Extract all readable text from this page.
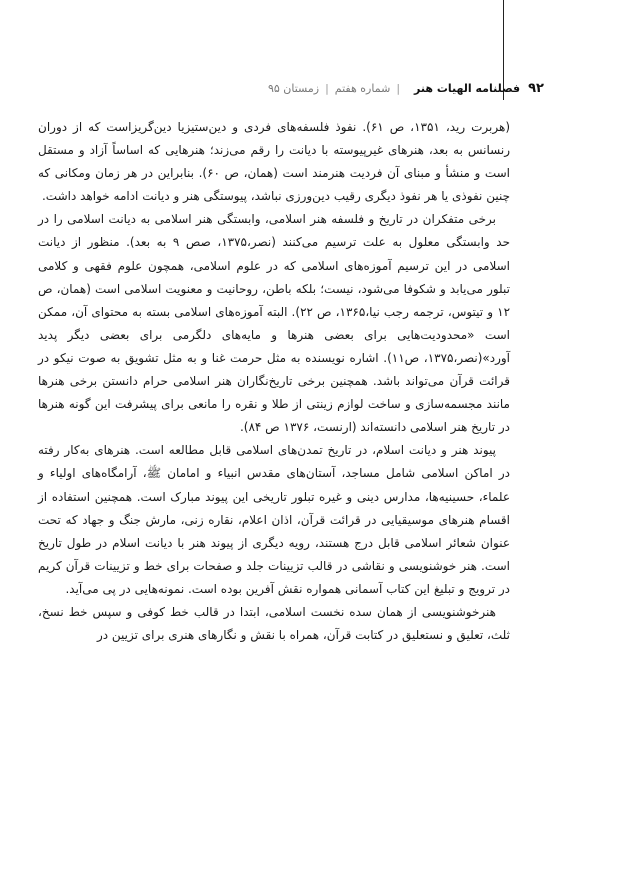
۹۲
فصلنامه الهیات هنر
|
شماره هفتم
|
زمستان ۹۵

(هربرت رید، ۱۳۵۱، ص ۶۱). نفوذ فلسفه‌های فردی و دین‌ستیزیا دین‌گریزاست که از دوران رنسانس به بعد، هنرهای غیرپیوسته با دیانت را رقم می‌زند؛ هنرهایی که اساساً آزاد و مستقل است و منشأ و مبنای آن فردیت هنرمند است (همان، ص ۶۰). بنابراین در هر زمان ومکانی که چنین نفوذی یا هر نفوذ دیگری رقیب دین‌ورزی نباشد، پیوستگی هنر و دیانت ادامه خواهد داشت.

برخی متفکران در تاریخ و فلسفه هنر اسلامی، وابستگی هنر اسلامی به دیانت اسلامی را در حد وابستگی معلول به علت ترسیم می‌کنند (نصر،۱۳۷۵، صص ۹ به بعد). منظور از دیانت اسلامی در این ترسیم آموزه‌های اسلامی که در علوم اسلامی، همچون علوم فقهی و کلامی تبلور می‌یابد و شکوفا می‌شود، نیست؛ بلکه باطن، روحانیت و معنویت اسلامی است (همان، ص ۱۲ و تیتوس، ترجمه رجب نیا،۱۳۶۵، ص ۲۲). البته آموزه‌های اسلامی بسته به محتوای آن، ممکن است «محدودیت‌هایی برای بعضی هنرها و مایه‌های دلگرمی برای بعضی دیگر پدید آورد»(نصر،۱۳۷۵، ص۱۱). اشاره نویسنده به مثل حرمت غنا و به مثل تشویق به صوت نیکو در قرائت قرآن می‌تواند باشد. همچنین برخی تاریخ‌نگاران هنر اسلامی حرام دانستن برخی هنرها مانند مجسمه‌سازی و ساخت لوازم زینتی از طلا و نقره را مانعی برای پیشرفت این گونه هنرها در تاریخ هنر اسلامی دانسته‌اند (ارنست، ۱۳۷۶ ص ۸۴).

پیوند هنر و دیانت اسلام، در تاریخ تمدن‌های اسلامی قابل مطالعه است. هنرهای به‌کار رفته در اماکن اسلامی شامل مساجد، آستان‌های مقدس انبیاء و امامان ﷺ، آرامگاه‌های اولیاء و علماء، حسینیه‌ها، مدارس دینی و غیره تبلور تاریخی این پیوند مبارک است. همچنین استفاده از اقسام هنرهای موسیقیایی در قرائت قرآن، اذان اعلام، نقاره زنی، مارش جنگ و جهاد که تحت عنوان شعائر اسلامی قابل درج هستند، رویه دیگری از پیوند هنر با دیانت اسلام در طول تاریخ است. هنر خوشنویسی و نقاشی در قالب تزیینات جلد و صفحات برای خط و تزیینات قرآن کریم در ترویج و تبلیغ این کتاب آسمانی همواره نقش آفرین بوده است. نمونه‌هایی در پی می‌آید.

هنرخوشنویسی از همان سده نخست اسلامی، ابتدا در قالب خط کوفی و سپس خط نسخ، ثلث، تعلیق و نستعلیق در کتابت قرآن، همراه با نقش و نگارهای هنری برای تزیین در
